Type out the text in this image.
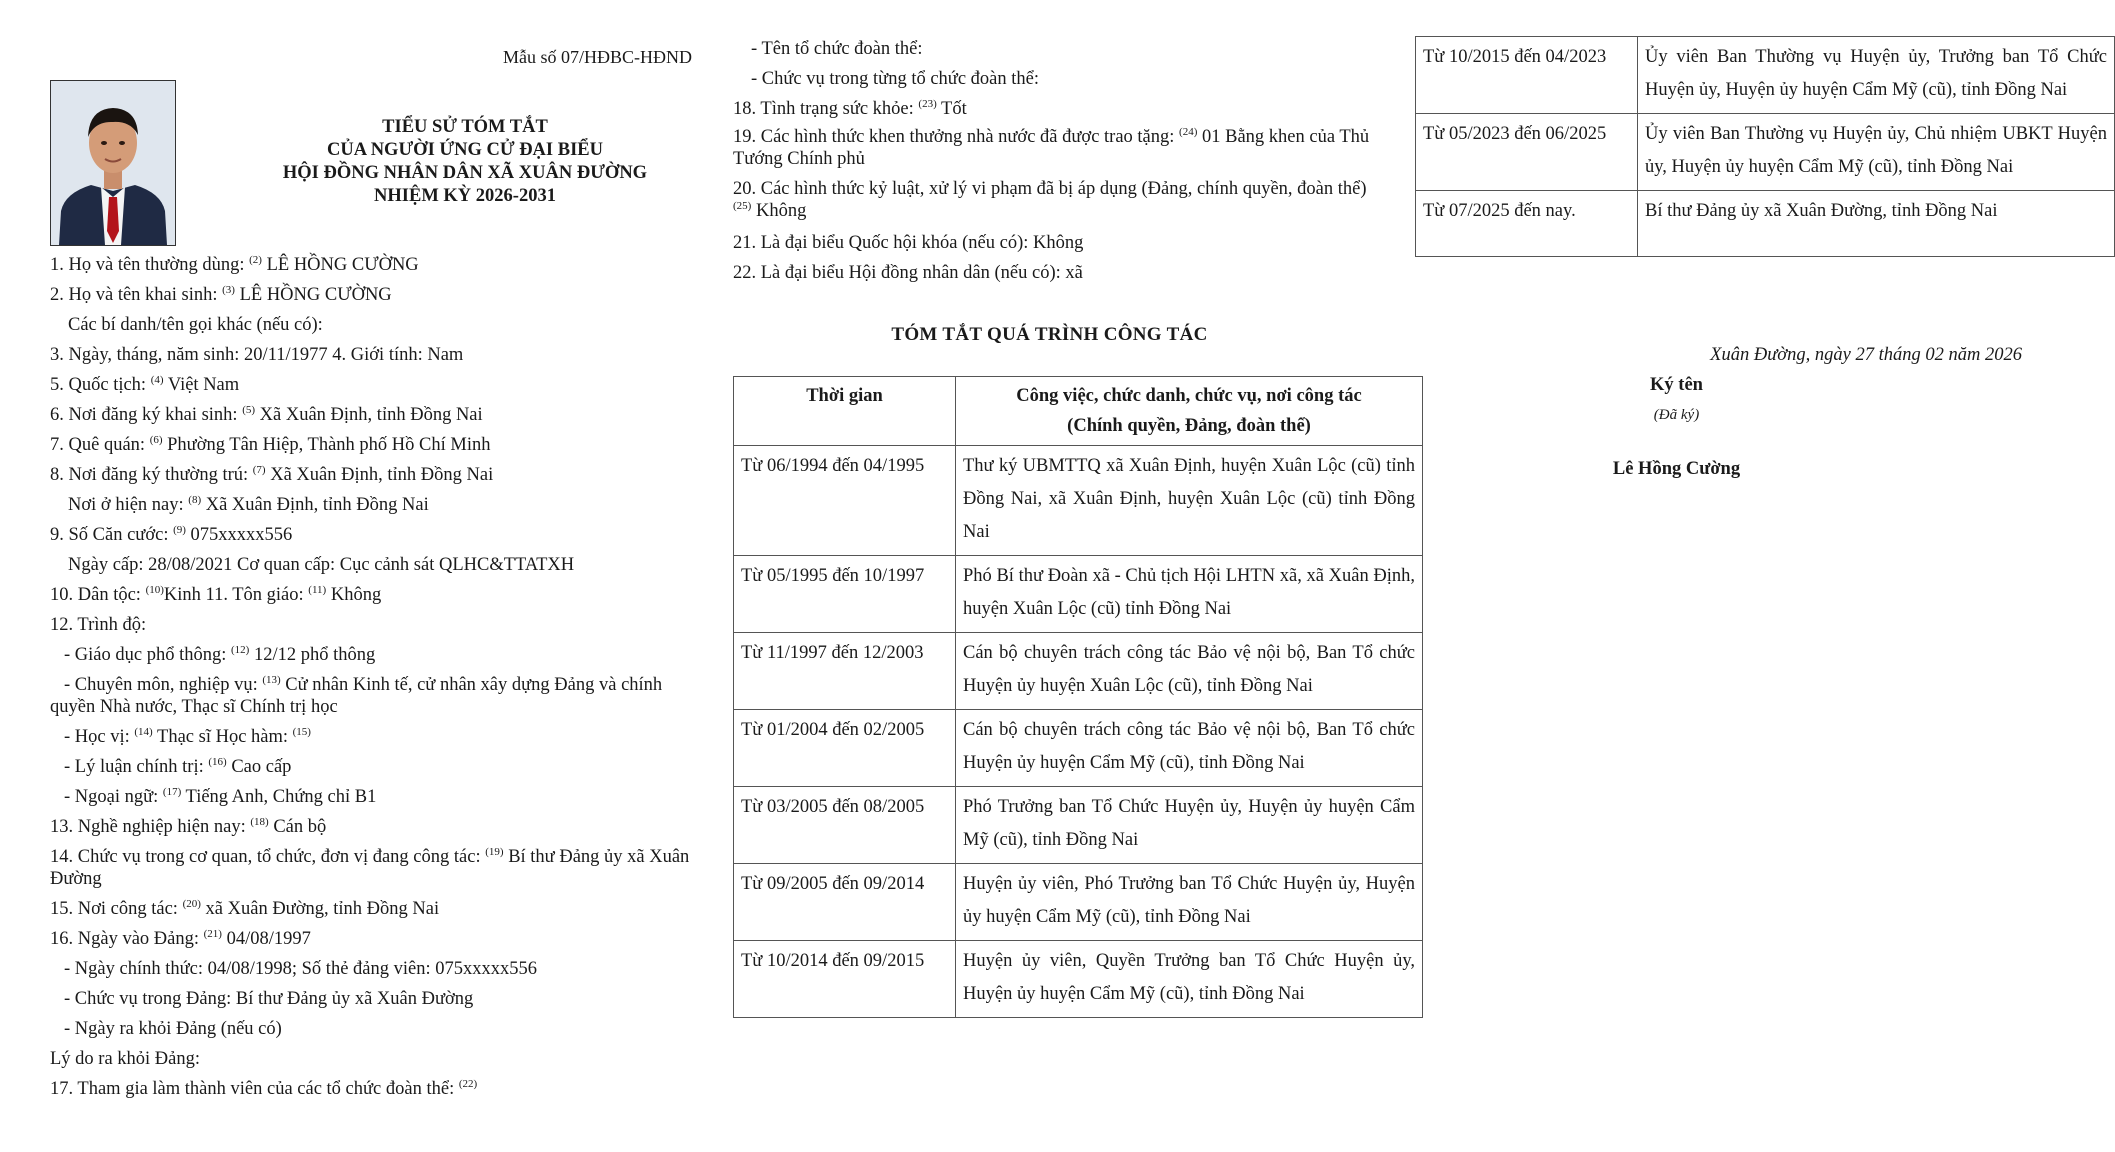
Mẫu số 07/HĐBC-HĐND
TIỂU SỬ TÓM TẮT
CỦA NGƯỜI ỨNG CỬ ĐẠI BIỂU
HỘI ĐỒNG NHÂN DÂN XÃ XUÂN ĐƯỜNG
NHIỆM KỲ 2026-2031

1. Họ và tên thường dùng: $^{(2)}$ LÊ HỒNG CƯỜNG

2. Họ và tên khai sinh: $^{(3)}$ LÊ HỒNG CƯỜNG

Các bí danh/tên gọi khác (nếu có):

3. Ngày, tháng, năm sinh: 20/11/1977 4. Giới tính: Nam

5. Quốc tịch: $^{(4)}$ Việt Nam

6. Nơi đăng ký khai sinh: $^{(5)}$ Xã Xuân Định, tỉnh Đồng Nai

7. Quê quán: $^{(6)}$ Phường Tân Hiệp, Thành phố Hồ Chí Minh

8. Nơi đăng ký thường trú: $^{(7)}$ Xã Xuân Định, tỉnh Đồng Nai

Nơi ở hiện nay: $^{(8)}$ Xã Xuân Định, tỉnh Đồng Nai

9. Số Căn cước: $^{(9)}$ 075xxxxx556

Ngày cấp: 28/08/2021 Cơ quan cấp: Cục cảnh sát QLHC&TTATXH

10. Dân tộc: $^{(10)}$Kinh 11. Tôn giáo: $^{(11)}$ Không

12. Trình độ:

- Giáo dục phổ thông: $^{(12)}$ 12/12 phổ thông

- Chuyên môn, nghiệp vụ: $^{(13)}$ Cử nhân Kinh tế, cử nhân xây dựng Đảng và chính quyền Nhà nước, Thạc sĩ Chính trị học

- Học vị: $^{(14)}$ Thạc sĩ Học hàm: $^{(15)}$

- Lý luận chính trị: $^{(16)}$ Cao cấp

- Ngoại ngữ: $^{(17)}$ Tiếng Anh, Chứng chỉ B1

13. Nghề nghiệp hiện nay: $^{(18)}$ Cán bộ

14. Chức vụ trong cơ quan, tổ chức, đơn vị đang công tác: $^{(19)}$ Bí thư Đảng ủy xã Xuân Đường

15. Nơi công tác: $^{(20)}$ xã Xuân Đường, tỉnh Đồng Nai

16. Ngày vào Đảng: $^{(21)}$ 04/08/1997

- Ngày chính thức: 04/08/1998; Số thẻ đảng viên: 075xxxxx556

- Chức vụ trong Đảng: Bí thư Đảng ủy xã Xuân Đường

- Ngày ra khỏi Đảng (nếu có)

Lý do ra khỏi Đảng:

17. Tham gia làm thành viên của các tổ chức đoàn thể: $^{(22)}$

- Tên tổ chức đoàn thể:

- Chức vụ trong từng tổ chức đoàn thể:

18. Tình trạng sức khỏe: $^{(23)}$ Tốt

19. Các hình thức khen thưởng nhà nước đã được trao tặng: $^{(24)}$ 01 Bằng khen của Thủ Tướng Chính phủ

20. Các hình thức kỷ luật, xử lý vi phạm đã bị áp dụng (Đảng, chính quyền, đoàn thể) $^{(25)}$ Không

21. Là đại biểu Quốc hội khóa (nếu có): Không

22. Là đại biểu Hội đồng nhân dân (nếu có): xã

TÓM TẮT QUÁ TRÌNH CÔNG TÁC
Thời gian	Công việc, chức danh, chức vụ, nơi công tác
(Chính quyền, Đảng, đoàn thể)
Từ 06/1994 đến 04/1995	Thư ký UBMTTQ xã Xuân Định, huyện Xuân Lộc (cũ) tỉnh Đồng Nai, xã Xuân Định, huyện Xuân Lộc (cũ) tỉnh Đồng Nai
Từ 05/1995 đến 10/1997	Phó Bí thư Đoàn xã - Chủ tịch Hội LHTN xã, xã Xuân Định, huyện Xuân Lộc (cũ) tỉnh Đồng Nai
Từ 11/1997 đến 12/2003	Cán bộ chuyên trách công tác Bảo vệ nội bộ, Ban Tổ chức Huyện ủy huyện Xuân Lộc (cũ), tỉnh Đồng Nai
Từ 01/2004 đến 02/2005	Cán bộ chuyên trách công tác Bảo vệ nội bộ, Ban Tổ chức Huyện ủy huyện Cẩm Mỹ (cũ), tỉnh Đồng Nai
Từ 03/2005 đến 08/2005	Phó Trưởng ban Tổ Chức Huyện ủy, Huyện ủy huyện Cẩm Mỹ (cũ), tỉnh Đồng Nai
Từ 09/2005 đến 09/2014	Huyện ủy viên, Phó Trưởng ban Tổ Chức Huyện ủy, Huyện ủy huyện Cẩm Mỹ (cũ), tỉnh Đồng Nai
Từ 10/2014 đến 09/2015	Huyện ủy viên, Quyền Trưởng ban Tổ Chức Huyện ủy, Huyện ủy huyện Cẩm Mỹ (cũ), tỉnh Đồng Nai
Từ 10/2015 đến 04/2023	Ủy viên Ban Thường vụ Huyện ủy, Trưởng ban Tổ Chức Huyện ủy, Huyện ủy huyện Cẩm Mỹ (cũ), tỉnh Đồng Nai
Từ 05/2023 đến 06/2025	Ủy viên Ban Thường vụ Huyện ủy, Chủ nhiệm UBKT Huyện ủy, Huyện ủy huyện Cẩm Mỹ (cũ), tỉnh Đồng Nai
Từ 07/2025 đến nay.	Bí thư Đảng ủy xã Xuân Đường, tỉnh Đồng Nai
Xuân Đường, ngày 27 tháng 02 năm 2026
Ký tên
(Đã ký)
Lê Hồng Cường
